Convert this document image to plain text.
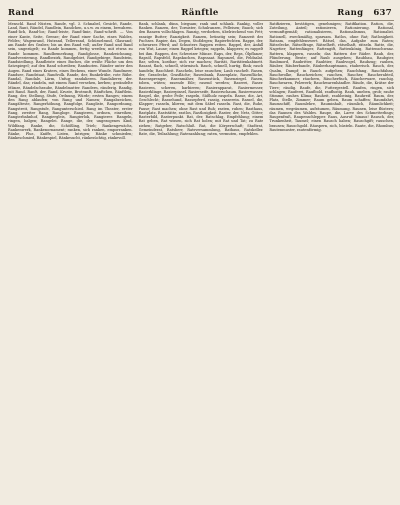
Rand	Ränftle	Rang 637
Menschl. Rand Nüsten, Rande, vgl. 3. Schnabel, Gesicht, Rande, Land, Rant, Rändel, Randlein, Randchen, u.s.w. zu einem, bewahren. Rand-lich, Rand-los; Rand-leiste, Rand-linie, Rand-schrift. — Von einer Kante, Seite, Grenze; der Rand einer Sache, eines Waldes, Feldes; Wagenrand, Hutrand, Tellerrand, Schüsselrand, Glasrand; am Rande des Grabes; bis an den Rand voll; außer Rand und Band sein, ungezügelt; zu Rande kommen, fertig werden; mit etwas zu Rande kommen. Randbemerkung, Randglosse, Randzeichnung, Randverzierung. Randbezirk, Randgebiet, Randgebirge, Randstein, Randsiedlung. Randleiste eines Buches, die weiße Fläche um den Satzspiegel; auf den Rand schreiben; Randnoten. Ränder unter den Augen. Rand eines Kraters, eines Beckens, einer Wunde. Randmeer, Randsee, Randstaat, Randvolk. Rande, der, Runkelrübe, rote Rübe. Randal, Randale, Lärm, Unfug; randalieren. Randalierer, der. Rändel, das; rändeln, mit einem Rand versehen, kerben; gerändelte Münze, Rändelschraube, Rändelmutter. Randern, ränderig. Randig, mit Rand. Ranft, der, Rand, Kruste, Brotranft, Ränftchen, Ränftlein. Rang, der, Stellung, Stufe, Ordnung, Würde; ersten Ranges; einem den Rang ablaufen; von Rang und Namen; Rangabzeichen, Rangälteste, Rangerhöhung, Rangfolge, Rangliste, Rangordnung, Rangstreit, Rangstufe, Rangunterschied. Rang im Theater, erster Rang, zweiter Rang, Rangloge. Rangieren, ordnen, einreihen; Rangierbahnhof, Rangiergleis, Rangierlok, Rangierer. Rangeln, ringen, balgen; Rangelei. Range, die, der, ungezogenes Kind, Wildfang. Ranke, die, Schößling, Trieb; Rankengewächs, Rankenwerk, Rankenornament; ranken, sich ranken, emporranken. Ränke, Plur., Kniffe, Listen, Intrigen; Ränke schmieden; Ränkeschmied, Ränkespiel, Ränkesucht, ränkesüchtig, ränkevoll.
Rank, schlank, dünn, biegsam; rank und schlank. Rankig, voller Ranken. Ranzen, der, Tornister, Schulranzen, Felleisen; Bauch; sich den Ranzen vollschlagen. Ranzig, verdorben, übelriechend von Fett; ranzige Butter; Ranzigkeit. Ranzen, brünstig sein; Ranzzeit des Fuchses. Rapier, das, Degen, Stoßdegen; Rapierfechten. Rappe, der, schwarzes Pferd; auf Schusters Rappen reiten. Rappel, der, Anfall von Wut, Laune; einen Rappel kriegen; rappeln, klappern; es rappelt bei ihm. Rappen, der, Schweizer Münze. Raps, der, Reps, Ölpflanze; Rapsöl, Rapsfeld, Rapskuchen, Rapssaat. Rapunzel, die, Feldsalat. Rar, selten, kostbar; sich rar machen; Rarität, Raritätenkabinett. Rasant, flach, schnell, stürmisch. Rasch, schnell, hurtig, flink; rasch handeln; Raschheit. Rascheln, leise rauschen; Laub raschelt. Rasen, der, Grasdecke, Grasfläche; Rasenbank, Rasenplatz, Rasenfläche, Rasensprenger, Rasenmäher, Rasenstück, Rasenziegel. Rasen, toben, wüten; rasende Eile; rasend werden; Raserei, Raser. Rasieren, scheren, barbieren; Rasierapparat, Rasiermesser, Rasierklinge, Rasierpinsel, Rasierseife, Rasierschaum, Rasierwasser. Raspel, die, grobe Feile; raspeln, Süßholz raspeln. Rasse, die, Art, Geschlecht; Rassehund, Rassepferd, rassig, rasserein. Rassel, die, Klapper; rasseln, klirren; mit dem Säbel rasseln. Rast, die, Ruhe, Pause; Rast machen; ohne Rast und Ruh; rasten, ruhen; Rasthaus, Rastplatz, Raststätte, rastlos, Rastlosigkeit. Raster, der, Netz, Gitter; Rasterbild, Rasterpunkt. Rat, der, Ratschlag, Empfehlung; einem Rat geben, Rat wissen, sich Rat holen; mit Rat und Tat; zu Rate ziehen; Ratgeber, Ratschluß. Rat, die Körperschaft; Stadtrat, Gemeinderat, Ratsherr, Ratsversammlung, Rathaus, Ratskeller. Rate, die, Teilzahlung; Ratenzahlung; raten, vermuten, empfehlen.
Ratifizieren, bestätigen, genehmigen; Ratifikation. Ration, die, Zuteilung, Anteil; rationieren, Rationierung. Rational, vernunftgemäß; rationalisieren, Rationalismus, Rationalist. Rationell, zweckmäßig, sparsam. Ratlos, ohne Rat; Ratlosigkeit. Ratsam, empfehlenswert. Rätsel, das, Aufgabe zum Raten; Rätselecke, Rätselfrage, Rätselheft, rätselhaft, rätseln. Ratte, die, Nagetier; Rattenfänger, Rattengift, Rattenkönig, Rattenschwanz. Rattern, klappern, rasseln; das Rattern der Räder. Raub, der, Plünderung, Beute; auf Raub ausgehen; Raubbau, Raubgier, Raubmord, Raubritter, Raubtier, Raubvogel, Raubzug; rauben, Räuber, Räuberbande, Räuberhauptmann, räuberisch. Rauch, der, Qualm, Dampf; in Rauch aufgehen; Rauchfang, Rauchfahne, Rauchwolke, Rauchzeichen; rauchen, Raucher, Raucherabteil, Räucherkammer, räuchern, Räucherfisch, Räucherware, rauchig. Rauchwaren, Pelzwerk; Rauchwarenhändler. Räude, die, Krätze der Tiere; räudig. Raufe, die, Futtergestell. Raufen, ringen, sich schlagen; Rauferei, Raufbold, rauflustig. Rauh, uneben, grob; rauhe Stimme, rauhes Klima; Rauheit, rauhbeinig, Rauhreif. Raum, der, Platz, Stelle, Zimmer; Raum geben, Raum schaffen; Raumfahrt, Raumschiff, Raumlehre, Rauminhalt, räumlich, Räumlichkeit; räumen, wegräumen, aufräumen, Räumung. Raunen, leise flüstern; das Raunen des Waldes. Raupe, die, Larve des Schmetterlings; Raupenfraß, Raupenschlepper. Raus, Ausruf: hinaus! Rausch, der, Trunkenheit, Taumel; einen Rausch haben; Rauschgift; rauschen, brausen; Rauschgold. Räuspern, sich, hüsteln. Raute, die, Rhombus; Rautenmuster, rautenförmig.
